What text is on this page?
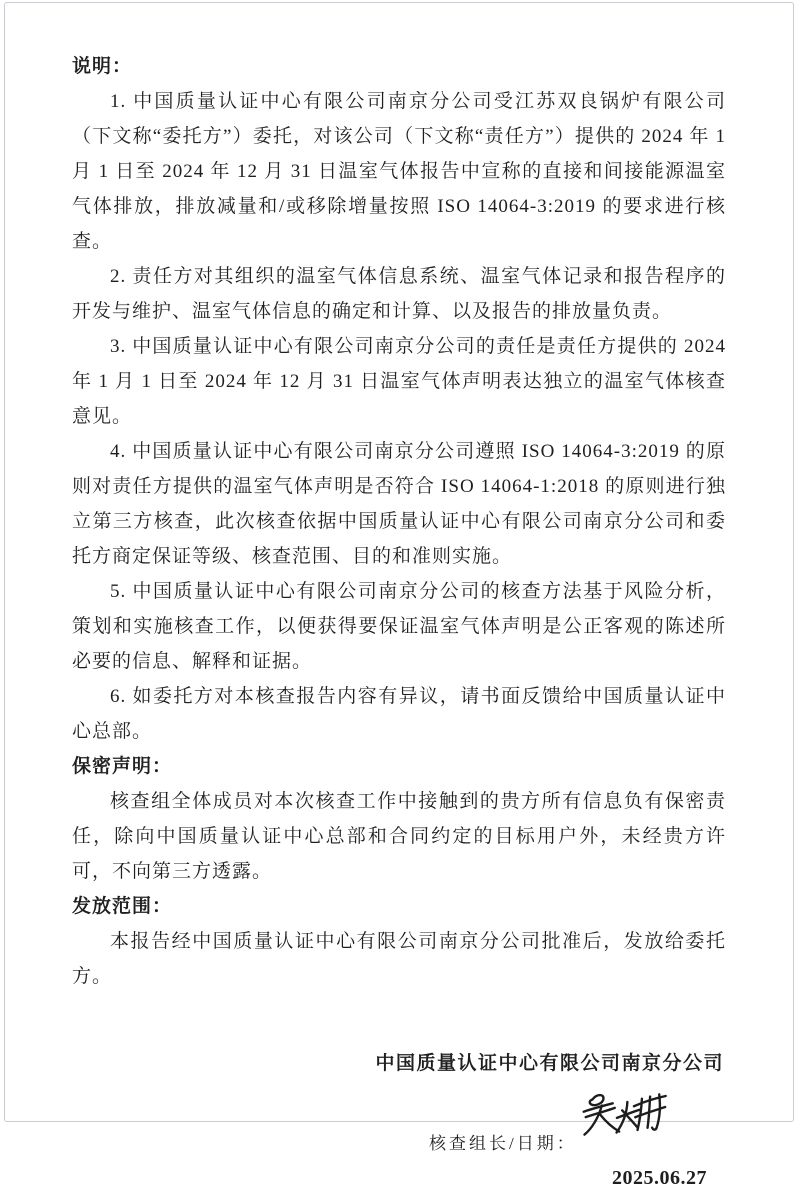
说明：

1. 中国质量认证中心有限公司南京分公司受江苏双良锅炉有限公司（下文称“委托方”）委托，对该公司（下文称“责任方”）提供的 2024 年 1 月 1 日至 2024 年 12 月 31 日温室气体报告中宣称的直接和间接能源温室气体排放，排放减量和/或移除增量按照 ISO 14064-3:2019 的要求进行核查。

2. 责任方对其组织的温室气体信息系统、温室气体记录和报告程序的开发与维护、温室气体信息的确定和计算、以及报告的排放量负责。

3. 中国质量认证中心有限公司南京分公司的责任是责任方提供的 2024 年 1 月 1 日至 2024 年 12 月 31 日温室气体声明表达独立的温室气体核查意见。

4. 中国质量认证中心有限公司南京分公司遵照 ISO 14064-3:2019 的原则对责任方提供的温室气体声明是否符合 ISO 14064-1:2018 的原则进行独立第三方核查，此次核查依据中国质量认证中心有限公司南京分公司和委托方商定保证等级、核查范围、目的和准则实施。

5. 中国质量认证中心有限公司南京分公司的核查方法基于风险分析，策划和实施核查工作，以便获得要保证温室气体声明是公正客观的陈述所必要的信息、解释和证据。

6. 如委托方对本核查报告内容有异议，请书面反馈给中国质量认证中心总部。

保密声明：

核查组全体成员对本次核查工作中接触到的贵方所有信息负有保密责任，除向中国质量认证中心总部和合同约定的目标用户外，未经贵方许可，不向第三方透露。

发放范围：

本报告经中国质量认证中心有限公司南京分公司批准后，发放给委托方。

中国质量认证中心有限公司南京分公司
核查组长/日期：
2025.06.27
